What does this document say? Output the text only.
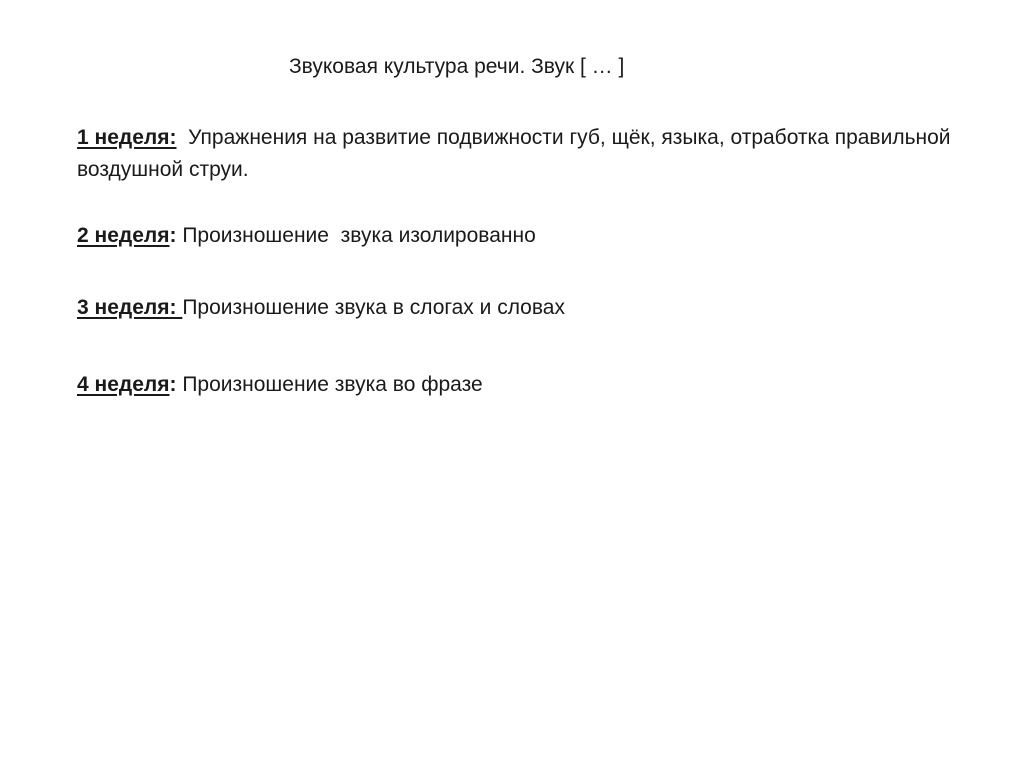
Звуковая культура речи. Звук [ … ]
1 неделя: Упражнения на развитие подвижности губ, щёк, языка, отработка правильной воздушной струи.
2 неделя: Произношение  звука изолированно
3 неделя: Произношение звука в слогах и словах
4 неделя: Произношение звука во фразе
